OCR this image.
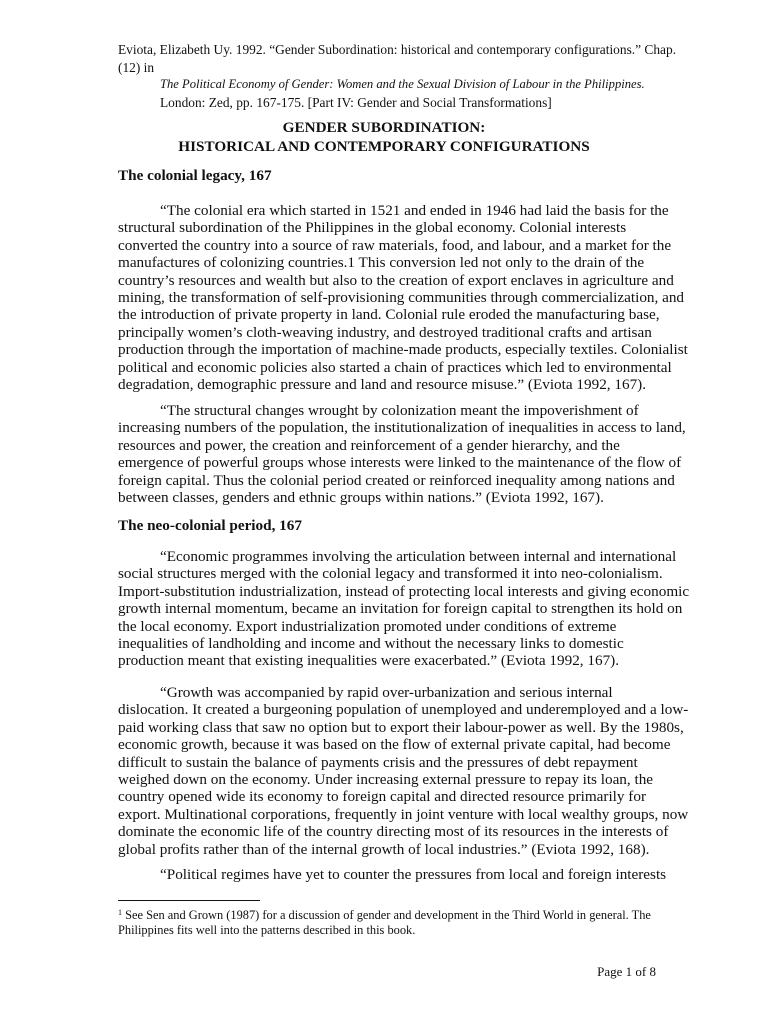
Eviota, Elizabeth Uy. 1992. “Gender Subordination: historical and contemporary configurations.” Chap. (12) in

The Political Economy of Gender: Women and the Sexual Division of Labour in the Philippines.
London: Zed, pp. 167-175. [Part IV: Gender and Social Transformations]
GENDER SUBORDINATION:
HISTORICAL AND CONTEMPORARY CONFIGURATIONS
The colonial legacy, 167
“The colonial era which started in 1521 and ended in 1946 had laid the basis for the
structural subordination of the Philippines in the global economy. Colonial interests
converted the country into a source of raw materials, food, and labour, and a market for the
manufactures of colonizing countries.1 This conversion led not only to the drain of the
country’s resources and wealth but also to the creation of export enclaves in agriculture and
mining, the transformation of self-provisioning communities through commercialization, and
the introduction of private property in land. Colonial rule eroded the manufacturing base,
principally women’s cloth-weaving industry, and destroyed traditional crafts and artisan
production through the importation of machine-made products, especially textiles. Colonialist
political and economic policies also started a chain of practices which led to environmental
degradation, demographic pressure and land and resource misuse.” (Eviota 1992, 167).
“The structural changes wrought by colonization meant the impoverishment of
increasing numbers of the population, the institutionalization of inequalities in access to land,
resources and power, the creation and reinforcement of a gender hierarchy, and the
emergence of powerful groups whose interests were linked to the maintenance of the flow of
foreign capital. Thus the colonial period created or reinforced inequality among nations and
between classes, genders and ethnic groups within nations.” (Eviota 1992, 167).
The neo-colonial period, 167
“Economic programmes involving the articulation between internal and international
social structures merged with the colonial legacy and transformed it into neo-colonialism.
Import-substitution industrialization, instead of protecting local interests and giving economic
growth internal momentum, became an invitation for foreign capital to strengthen its hold on
the local economy. Export industrialization promoted under conditions of extreme
inequalities of landholding and income and without the necessary links to domestic
production meant that existing inequalities were exacerbated.” (Eviota 1992, 167).
“Growth was accompanied by rapid over-urbanization and serious internal
dislocation. It created a burgeoning population of unemployed and underemployed and a low-
paid working class that saw no option but to export their labour-power as well. By the 1980s,
economic growth, because it was based on the flow of external private capital, had become
difficult to sustain the balance of payments crisis and the pressures of debt repayment
weighed down on the economy. Under increasing external pressure to repay its loan, the
country opened wide its economy to foreign capital and directed resource primarily for
export. Multinational corporations, frequently in joint venture with local wealthy groups, now
dominate the economic life of the country directing most of its resources in the interests of
global profits rather than of the internal growth of local industries.” (Eviota 1992, 168).
“Political regimes have yet to counter the pressures from local and foreign interests
$^1$ See Sen and Grown (1987) for a discussion of gender and development in the Third World in general. The
Philippines fits well into the patterns described in this book.
Page 1 of 8
